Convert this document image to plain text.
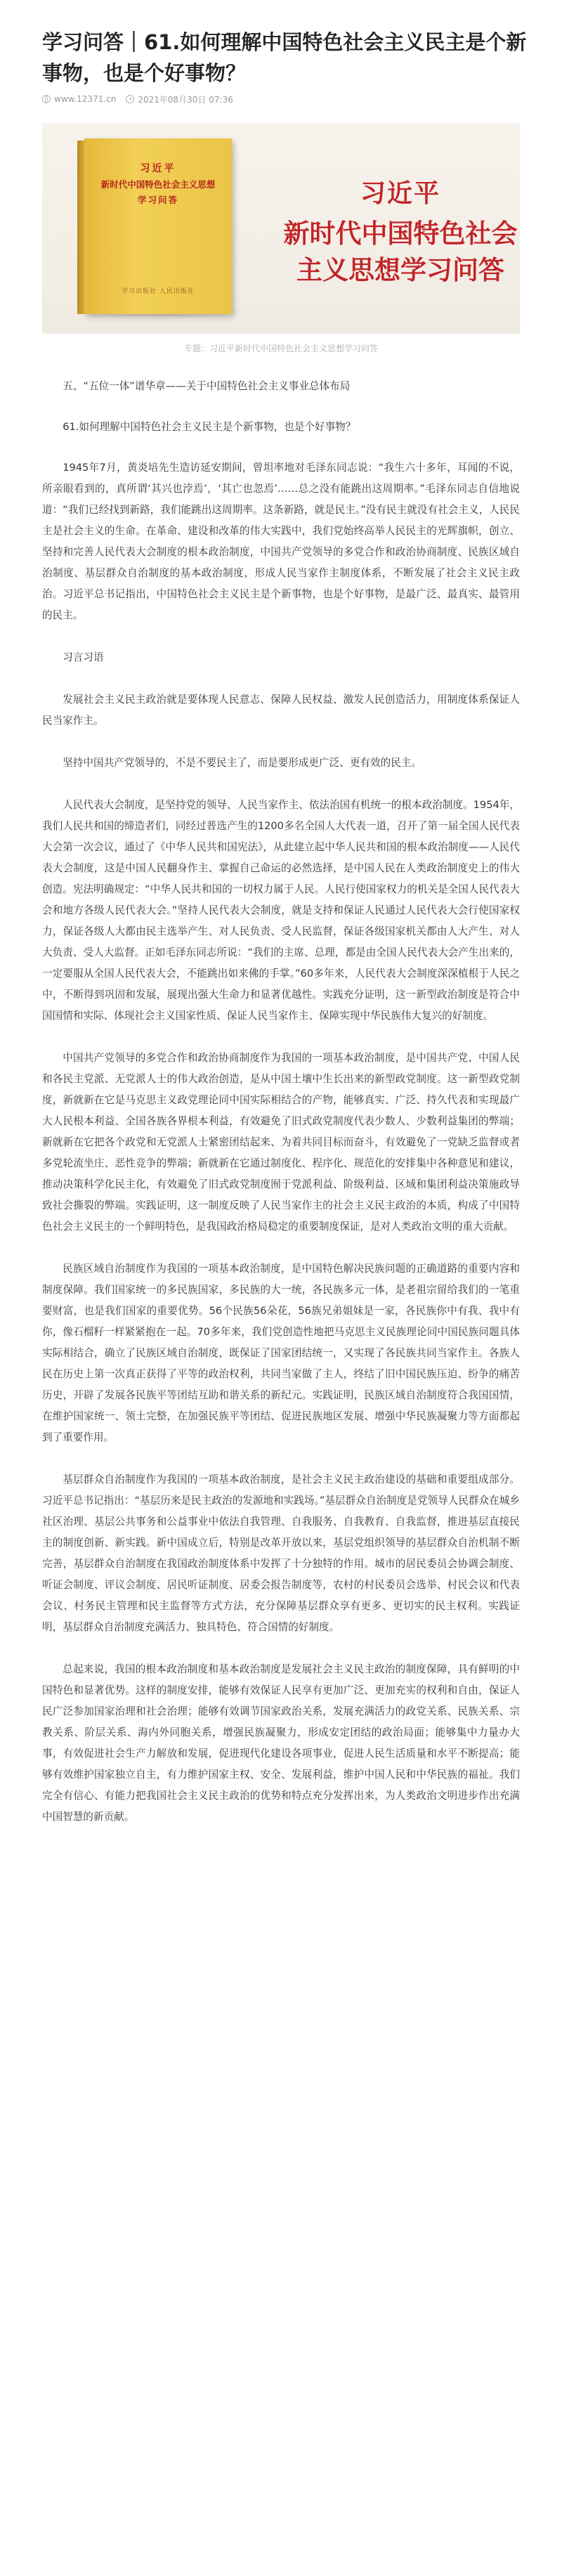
学习问答｜61.如何理解中国特色社会主义民主是个新事物，也是个好事物？
www.12371.cn	2021年08月30日 07:36
习近平
新时代中国特色社会主义思想
学习问答
学习出版社 人民出版社
习近平
新时代中国特色社会主义思想学习问答
专题：习近平新时代中国特色社会主义思想学习问答

五、“五位一体”谱华章——关于中国特色社会主义事业总体布局

61.如何理解中国特色社会主义民主是个新事物，也是个好事物？

1945年7月，黄炎培先生造访延安期间，曾坦率地对毛泽东同志说：“我生六十多年，耳闻的不说，所亲眼看到的，真所谓‘其兴也浡焉’，‘其亡也忽焉’……总之没有能跳出这周期率。”毛泽东同志自信地说道：“我们已经找到新路，我们能跳出这周期率。这条新路，就是民主。”没有民主就没有社会主义，人民民主是社会主义的生命。在革命、建设和改革的伟大实践中，我们党始终高举人民民主的光辉旗帜，创立、坚持和完善人民代表大会制度的根本政治制度，中国共产党领导的多党合作和政治协商制度、民族区域自治制度、基层群众自治制度的基本政治制度，形成人民当家作主制度体系，不断发展了社会主义民主政治。习近平总书记指出，中国特色社会主义民主是个新事物，也是个好事物，是最广泛、最真实、最管用的民主。

习言习语

发展社会主义民主政治就是要体现人民意志、保障人民权益、激发人民创造活力，用制度体系保证人民当家作主。

坚持中国共产党领导的，不是不要民主了，而是要形成更广泛、更有效的民主。

人民代表大会制度，是坚持党的领导、人民当家作主、依法治国有机统一的根本政治制度。1954年，我们人民共和国的缔造者们，同经过普选产生的1200多名全国人大代表一道，召开了第一届全国人民代表大会第一次会议，通过了《中华人民共和国宪法》，从此建立起中华人民共和国的根本政治制度——人民代表大会制度，这是中国人民翻身作主、掌握自己命运的必然选择，是中国人民在人类政治制度史上的伟大创造。宪法明确规定：“中华人民共和国的一切权力属于人民。人民行使国家权力的机关是全国人民代表大会和地方各级人民代表大会。”坚持人民代表大会制度，就是支持和保证人民通过人民代表大会行使国家权力，保证各级人大都由民主选举产生、对人民负责、受人民监督，保证各级国家机关都由人大产生、对人大负责、受人大监督。正如毛泽东同志所说：“我们的主席、总理，都是由全国人民代表大会产生出来的，一定要服从全国人民代表大会，不能跳出如来佛的手掌。”60多年来，人民代表大会制度深深植根于人民之中，不断得到巩固和发展，展现出强大生命力和显著优越性。实践充分证明，这一新型政治制度是符合中国国情和实际、体现社会主义国家性质、保证人民当家作主、保障实现中华民族伟大复兴的好制度。

中国共产党领导的多党合作和政治协商制度作为我国的一项基本政治制度，是中国共产党、中国人民和各民主党派、无党派人士的伟大政治创造，是从中国土壤中生长出来的新型政党制度。这一新型政党制度，新就新在它是马克思主义政党理论同中国实际相结合的产物，能够真实、广泛、持久代表和实现最广大人民根本利益、全国各族各界根本利益，有效避免了旧式政党制度代表少数人、少数利益集团的弊端；新就新在它把各个政党和无党派人士紧密团结起来、为着共同目标而奋斗，有效避免了一党缺乏监督或者多党轮流坐庄、恶性竞争的弊端；新就新在它通过制度化、程序化、规范化的安排集中各种意见和建议，推动决策科学化民主化，有效避免了旧式政党制度囿于党派利益、阶级利益、区域和集团利益决策施政导致社会撕裂的弊端。实践证明，这一制度反映了人民当家作主的社会主义民主政治的本质，构成了中国特色社会主义民主的一个鲜明特色，是我国政治格局稳定的重要制度保证，是对人类政治文明的重大贡献。

民族区域自治制度作为我国的一项基本政治制度，是中国特色解决民族问题的正确道路的重要内容和制度保障。我们国家统一的多民族国家，多民族的大一统，各民族多元一体，是老祖宗留给我们的一笔重要财富，也是我们国家的重要优势。56个民族56朵花，56族兄弟姐妹是一家，各民族你中有我、我中有你，像石榴籽一样紧紧抱在一起。70多年来，我们党创造性地把马克思主义民族理论同中国民族问题具体实际相结合，确立了民族区域自治制度，既保证了国家团结统一，又实现了各民族共同当家作主。各族人民在历史上第一次真正获得了平等的政治权利，共同当家做了主人，终结了旧中国民族压迫、纷争的痛苦历史，开辟了发展各民族平等团结互助和谐关系的新纪元。实践证明，民族区域自治制度符合我国国情，在维护国家统一、领土完整，在加强民族平等团结、促进民族地区发展、增强中华民族凝聚力等方面都起到了重要作用。

基层群众自治制度作为我国的一项基本政治制度，是社会主义民主政治建设的基础和重要组成部分。习近平总书记指出：“基层历来是民主政治的发源地和实践场。”基层群众自治制度是党领导人民群众在城乡社区治理、基层公共事务和公益事业中依法自我管理、自我服务、自我教育、自我监督，推进基层直接民主的制度创新、新实践。新中国成立后，特别是改革开放以来，基层党组织领导的基层群众自治机制不断完善，基层群众自治制度在我国政治制度体系中发挥了十分独特的作用。城市的居民委员会协调会制度、听证会制度、评议会制度、居民听证制度、居委会报告制度等，农村的村民委员会选举、村民会议和代表会议、村务民主管理和民主监督等方式方法，充分保障基层群众享有更多、更切实的民主权利。实践证明，基层群众自治制度充满活力、独具特色、符合国情的好制度。

总起来说，我国的根本政治制度和基本政治制度是发展社会主义民主政治的制度保障，具有鲜明的中国特色和显著优势。这样的制度安排，能够有效保证人民享有更加广泛、更加充实的权利和自由，保证人民广泛参加国家治理和社会治理；能够有效调节国家政治关系，发展充满活力的政党关系、民族关系、宗教关系、阶层关系、海内外同胞关系，增强民族凝聚力，形成安定团结的政治局面；能够集中力量办大事，有效促进社会生产力解放和发展，促进现代化建设各项事业，促进人民生活质量和水平不断提高；能够有效维护国家独立自主，有力维护国家主权、安全、发展利益，维护中国人民和中华民族的福祉。我们完全有信心、有能力把我国社会主义民主政治的优势和特点充分发挥出来，为人类政治文明进步作出充满中国智慧的新贡献。
